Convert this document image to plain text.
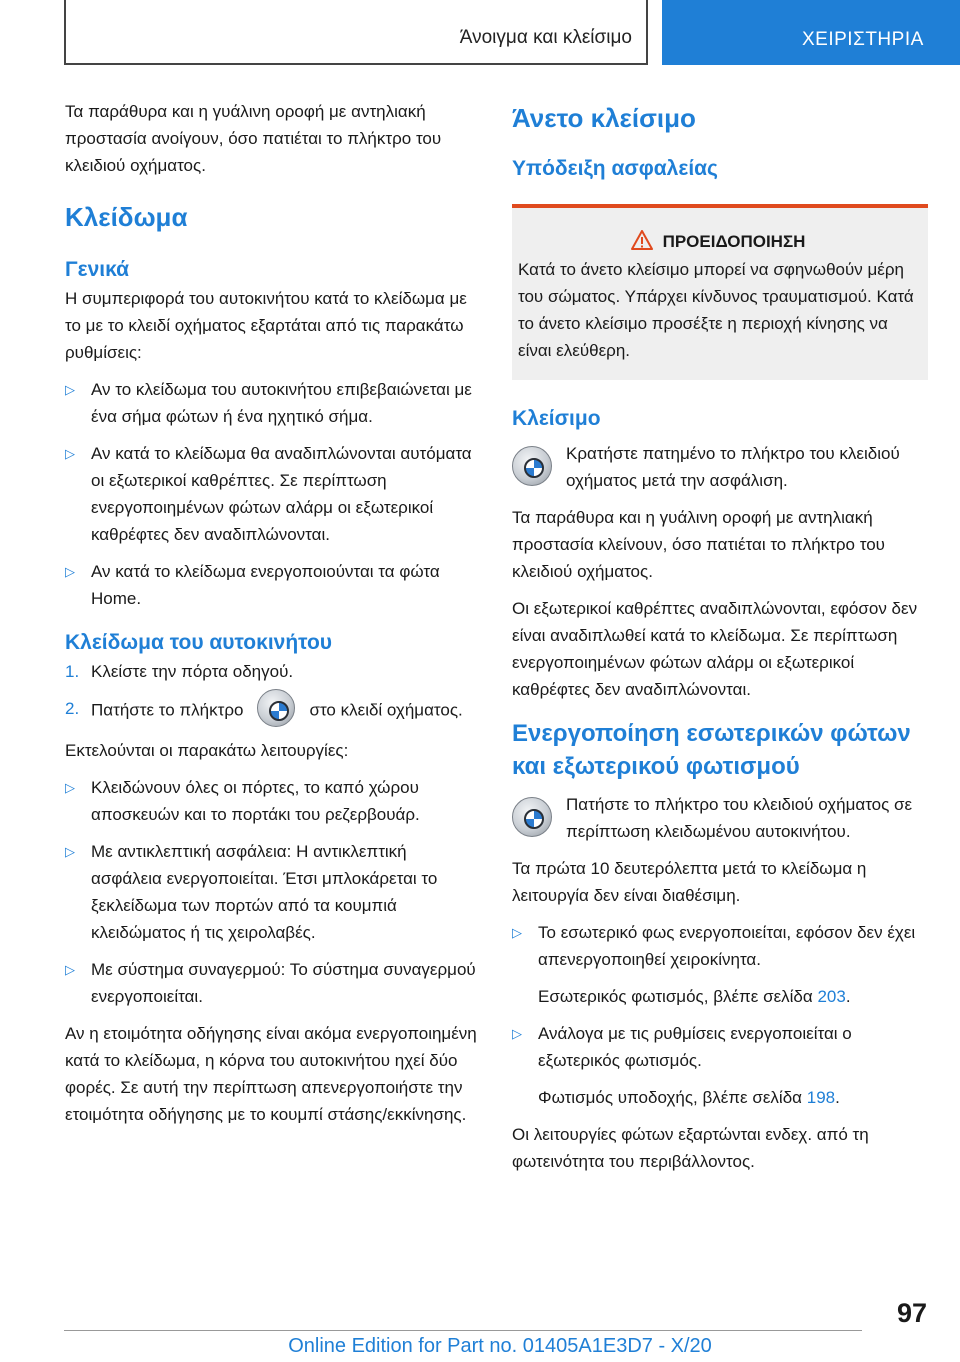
Άνοιγμα και κλείσιμο	ΧΕΙΡΙΣΤΗΡΙΑ

Τα παράθυρα και η γυάλινη οροφή με αντηλιακή προστασία ανοίγουν, όσο πατιέται το πλήκτρο του κλειδιού οχήματος.

Κλείδωμα
Γενικά

Η συμπεριφορά του αυτοκινήτου κατά το κλείδωμα με το με το κλειδί οχήματος εξαρτάται από τις παρακάτω ρυθμίσεις:

▷ Αν το κλείδωμα του αυτοκινήτου επιβεβαιώνεται με ένα σήμα φώτων ή ένα ηχητικό σήμα.
▷ Αν κατά το κλείδωμα θα αναδιπλώνονται αυτόματα οι εξωτερικοί καθρέπτες. Σε περίπτωση ενεργοποιημένων φώτων αλάρμ οι εξωτερικοί καθρέφτες δεν αναδιπλώνονται.
▷ Αν κατά το κλείδωμα ενεργοποιούνται τα φώτα Home.
Κλείδωμα του αυτοκινήτου
1. Κλείστε την πόρτα οδηγού.
2. Πατήστε το πλήκτρο	στο κλειδί οχήματος.

Εκτελούνται οι παρακάτω λειτουργίες:

▷ Κλειδώνουν όλες οι πόρτες, το καπό χώρου αποσκευών και το πορτάκι του ρεζερβουάρ.
▷ Με αντικλεπτική ασφάλεια: Η αντικλεπτική ασφάλεια ενεργοποιείται. Έτσι μπλοκάρεται το ξεκλείδωμα των πορτών από τα κουμπιά κλειδώματος ή τις χειρολαβές.
▷ Με σύστημα συναγερμού: Το σύστημα συναγερμού ενεργοποιείται.

Αν η ετοιμότητα οδήγησης είναι ακόμα ενεργοποιημένη κατά το κλείδωμα, η κόρνα του αυτοκινήτου ηχεί δύο φορές. Σε αυτή την περίπτωση απενεργοποιήστε την ετοιμότητα οδήγησης με το κουμπί στάσης/εκκίνησης.

Άνετο κλείσιμο
Υπόδειξη ασφαλείας
ΠΡΟΕΙΔΟΠΟΙΗΣΗ

Κατά το άνετο κλείσιμο μπορεί να σφηνωθούν μέρη του σώματος. Υπάρχει κίνδυνος τραυματισμού. Κατά το άνετο κλείσιμο προσέξτε η περιοχή κίνησης να είναι ελεύθερη.

Κλείσιμο

Κρατήστε πατημένο το πλήκτρο του κλειδιού οχήματος μετά την ασφάλιση.

Τα παράθυρα και η γυάλινη οροφή με αντηλιακή προστασία κλείνουν, όσο πατιέται το πλήκτρο του κλειδιού οχήματος.

Οι εξωτερικοί καθρέπτες αναδιπλώνονται, εφόσον δεν είναι αναδιπλωθεί κατά το κλείδωμα. Σε περίπτωση ενεργοποιημένων φώτων αλάρμ οι εξωτερικοί καθρέφτες δεν αναδιπλώνονται.

Ενεργοποίηση εσωτερικών φώτων και εξωτερικού φωτισμού

Πατήστε το πλήκτρο του κλειδιού οχήματος σε περίπτωση κλειδωμένου αυτοκινήτου.

Τα πρώτα 10 δευτερόλεπτα μετά το κλείδωμα η λειτουργία δεν είναι διαθέσιμη.

▷ Το εσωτερικό φως ενεργοποιείται, εφόσον δεν έχει απενεργοποιηθεί χειροκίνητα.
Εσωτερικός φωτισμός, βλέπε σελίδα 203.
▷ Ανάλογα με τις ρυθμίσεις ενεργοποιείται ο εξωτερικός φωτισμός.
Φωτισμός υποδοχής, βλέπε σελίδα 198.

Οι λειτουργίες φώτων εξαρτώνται ενδεχ. από τη φωτεινότητα του περιβάλλοντος.

97
Online Edition for Part no. 01405A1E3D7 - X/20
